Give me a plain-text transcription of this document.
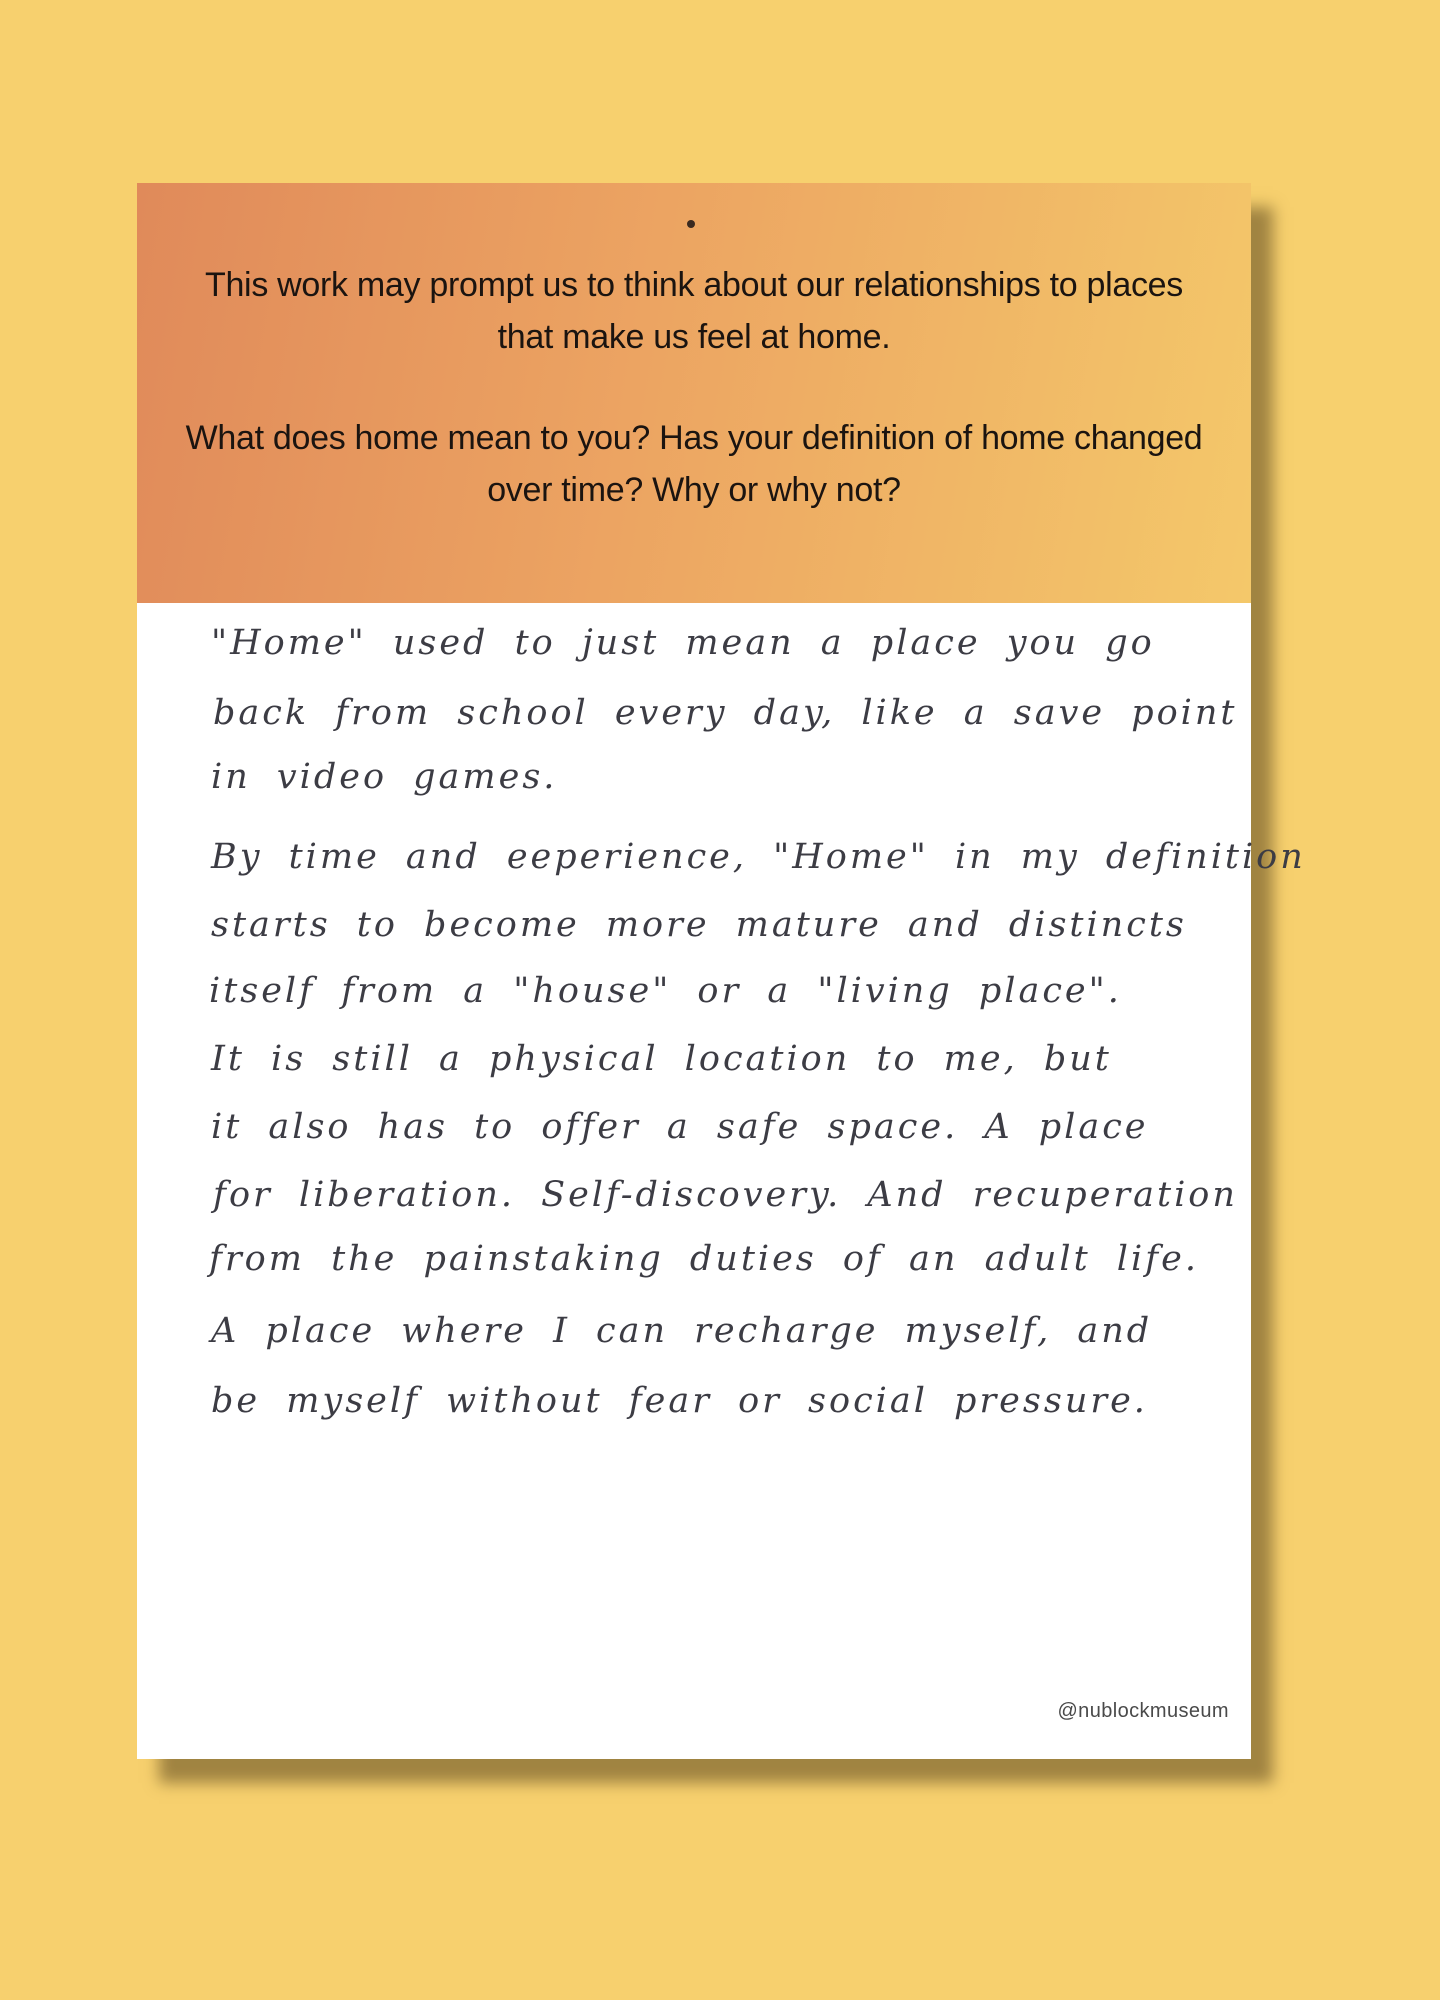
This work may prompt us to think about our relationships to places that make us feel at home.

What does home mean to you? Has your definition of home changed over time? Why or why not?

"Home" used to just mean a place you go
back from school every day, like a save point
in video games.
By time and eeperience, "Home" in my definition
starts to become more mature and distincts
itself from a "house" or a "living place".
It is still a physical location to me, but
it also has to offer a safe space. A place
for liberation. Self-discovery. And recuperation
from the painstaking duties of an adult life.
A place where I can recharge myself, and
be myself without fear or social pressure.

@nublockmuseum
